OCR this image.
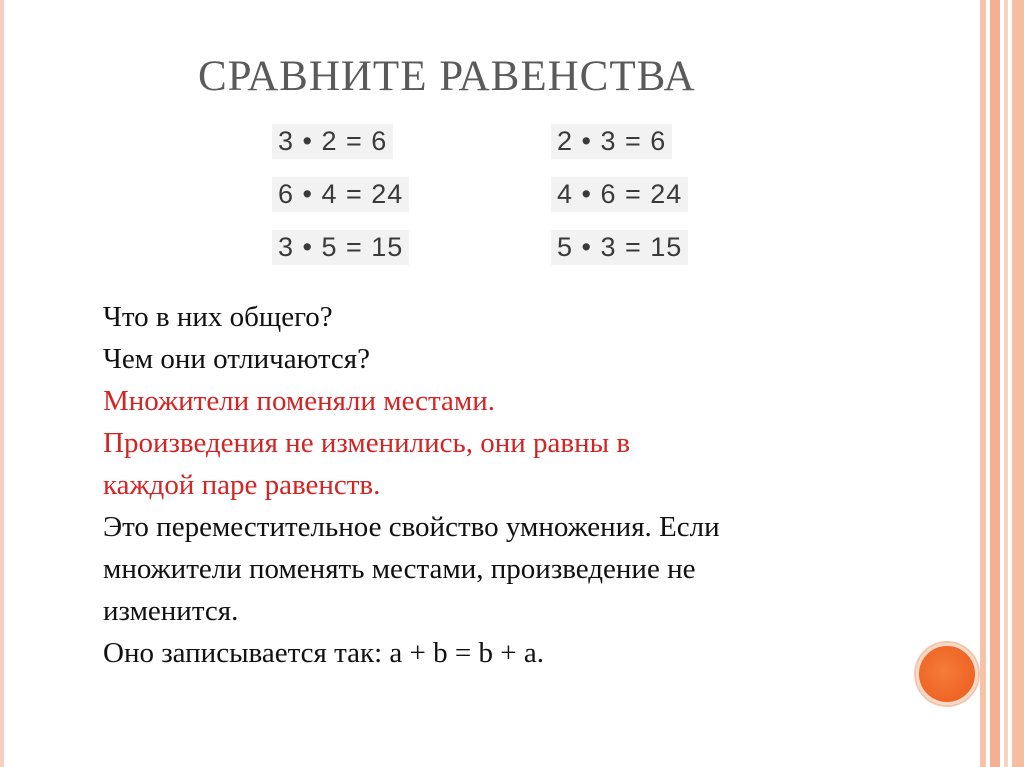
СРАВНИТЕ РАВЕНСТВА
3 • 2 = 6
6 • 4 = 24
3 • 5 = 15
2 • 3 = 6
4 • 6 = 24
5 • 3 = 15
Что в них общего?
Чем они отличаются?
Множители поменяли местами.
Произведения не изменились, они равны в
каждой паре равенств.
Это переместительное свойство умножения. Если
множители поменять местами, произведение не
изменится.
Оно записывается так: a + b = b + a.
